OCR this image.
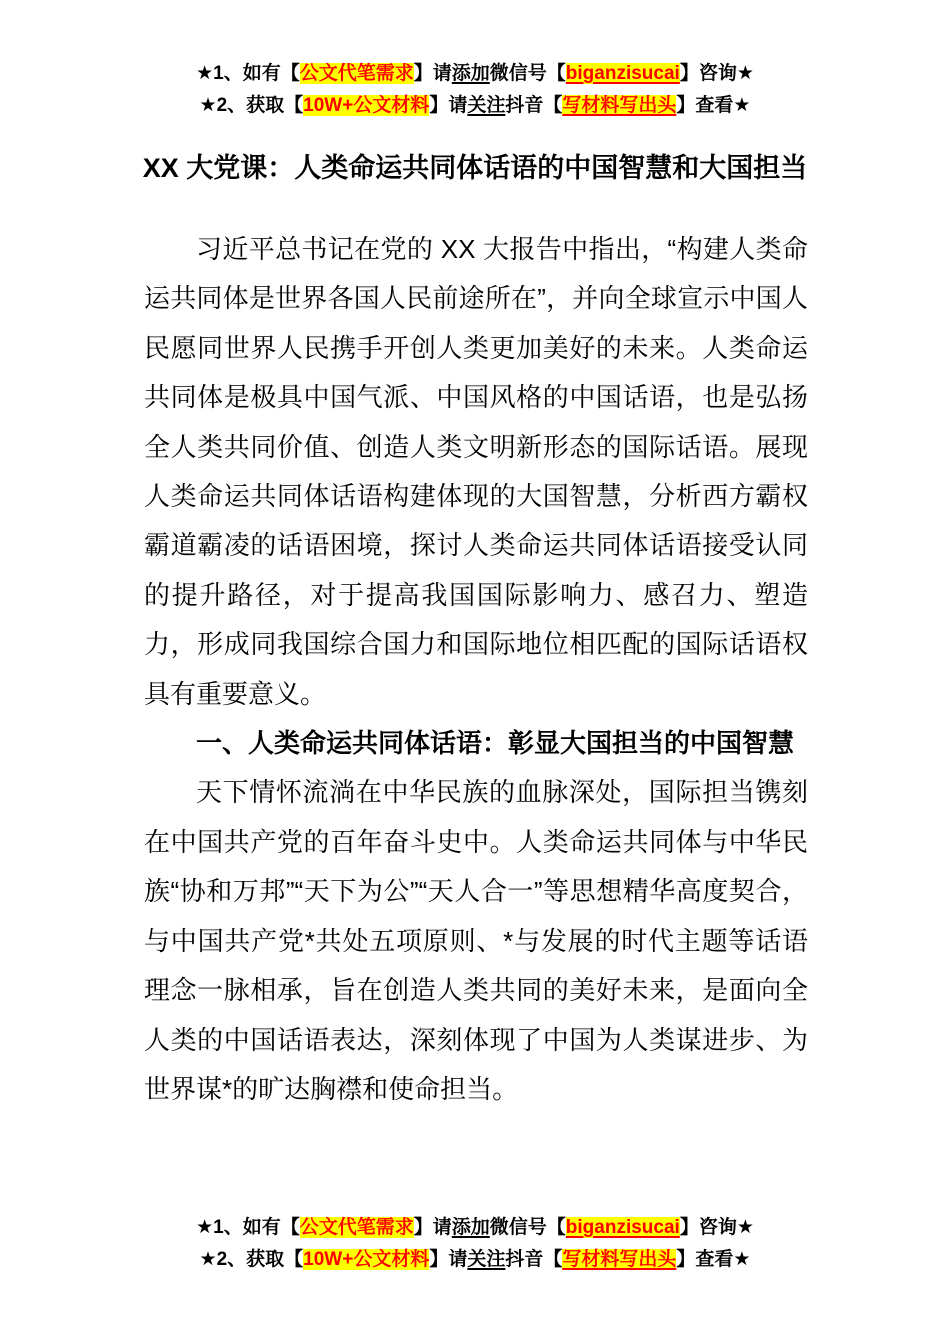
★1、如有【公文代笔需求】请添加微信号【biganzisucai】咨询★
★2、获取【10W+公文材料】请关注抖音【写材料写出头】查看★
XX 大党课：人类命运共同体话语的中国智慧和大国担当

习近平总书记在党的 XX 大报告中指出，“构建人类命运共同体是世界各国人民前途所在”，并向全球宣示中国人民愿同世界人民携手开创人类更加美好的未来。人类命运共同体是极具中国气派、中国风格的中国话语，也是弘扬全人类共同价值、创造人类文明新形态的国际话语。展现人类命运共同体话语构建体现的大国智慧，分析西方霸权霸道霸凌的话语困境，探讨人类命运共同体话语接受认同的提升路径，对于提高我国国际影响力、感召力、塑造力，形成同我国综合国力和国际地位相匹配的国际话语权具有重要意义。

一、人类命运共同体话语：彰显大国担当的中国智慧

天下情怀流淌在中华民族的血脉深处，国际担当镌刻在中国共产党的百年奋斗史中。人类命运共同体与中华民族“协和万邦”“天下为公”“天人合一”等思想精华高度契合，与中国共产党*共处五项原则、*与发展的时代主题等话语理念一脉相承，旨在创造人类共同的美好未来，是面向全人类的中国话语表达，深刻体现了中国为人类谋进步、为世界谋*的旷达胸襟和使命担当。

★1、如有【公文代笔需求】请添加微信号【biganzisucai】咨询★
★2、获取【10W+公文材料】请关注抖音【写材料写出头】查看★
